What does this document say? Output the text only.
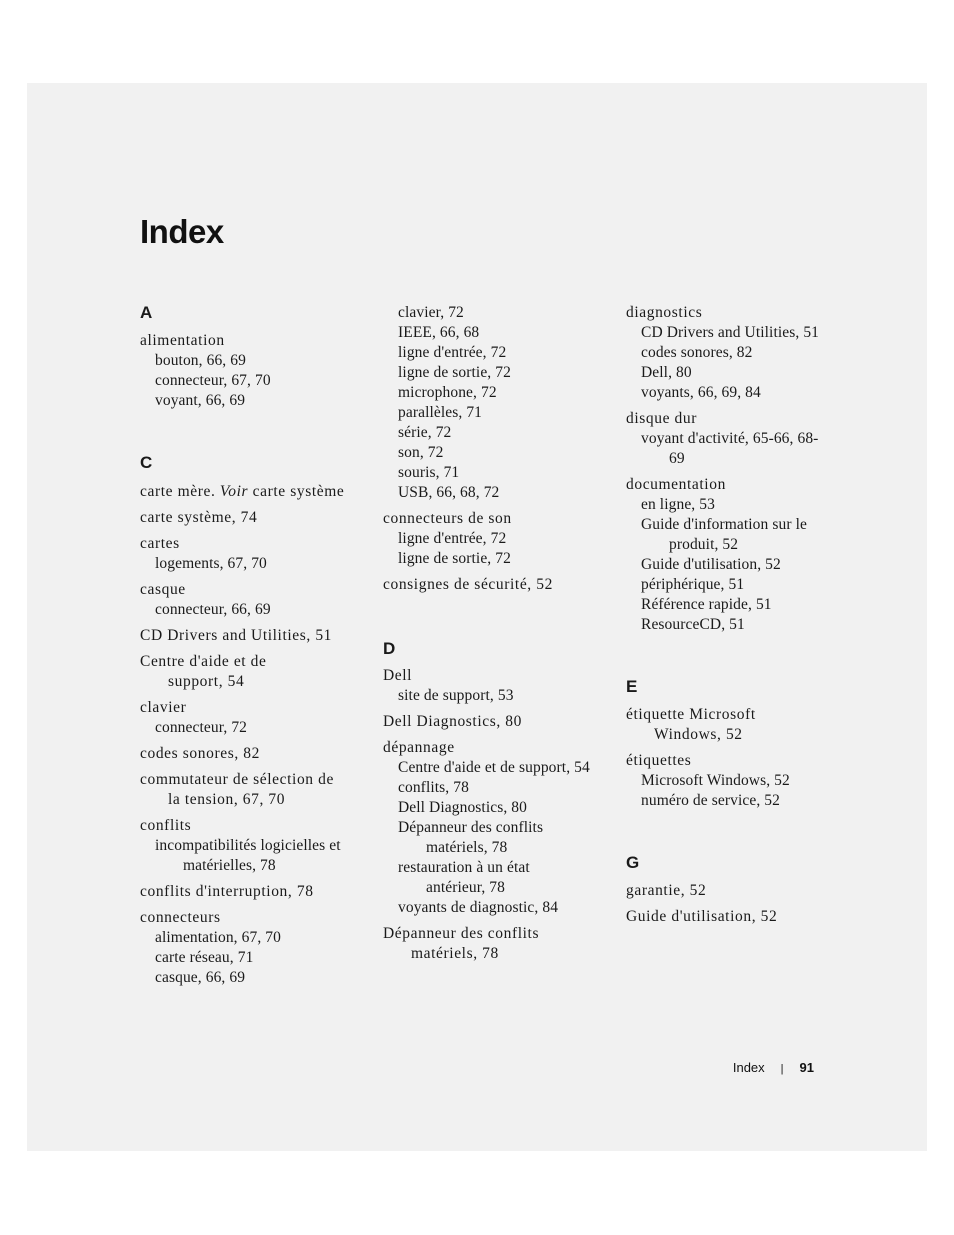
Index
A
alimentation
bouton, 66, 69
connecteur, 67, 70
voyant, 66, 69
C
carte mère. Voir carte système
carte système, 74
cartes
logements, 67, 70
casque
connecteur, 66, 69
CD Drivers and Utilities, 51
Centre d'aide et de
support, 54
clavier
connecteur, 72
codes sonores, 82
commutateur de sélection de
la tension, 67, 70
conflits
incompatibilités logicielles et
matérielles, 78
conflits d'interruption, 78
connecteurs
alimentation, 67, 70
carte réseau, 71
casque, 66, 69
clavier, 72
IEEE, 66, 68
ligne d'entrée, 72
ligne de sortie, 72
microphone, 72
parallèles, 71
série, 72
son, 72
souris, 71
USB, 66, 68, 72
connecteurs de son
ligne d'entrée, 72
ligne de sortie, 72
consignes de sécurité, 52
D
Dell
site de support, 53
Dell Diagnostics, 80
dépannage
Centre d'aide et de support, 54
conflits, 78
Dell Diagnostics, 80
Dépanneur des conflits
matériels, 78
restauration à un état
antérieur, 78
voyants de diagnostic, 84
Dépanneur des conflits
matériels, 78
diagnostics
CD Drivers and Utilities, 51
codes sonores, 82
Dell, 80
voyants, 66, 69, 84
disque dur
voyant d'activité, 65-66, 68-
69
documentation
en ligne, 53
Guide d'information sur le
produit, 52
Guide d'utilisation, 52
périphérique, 51
Référence rapide, 51
ResourceCD, 51
E
étiquette Microsoft
Windows, 52
étiquettes
Microsoft Windows, 52
numéro de service, 52
G
garantie, 52
Guide d'utilisation, 52
Index | 91
